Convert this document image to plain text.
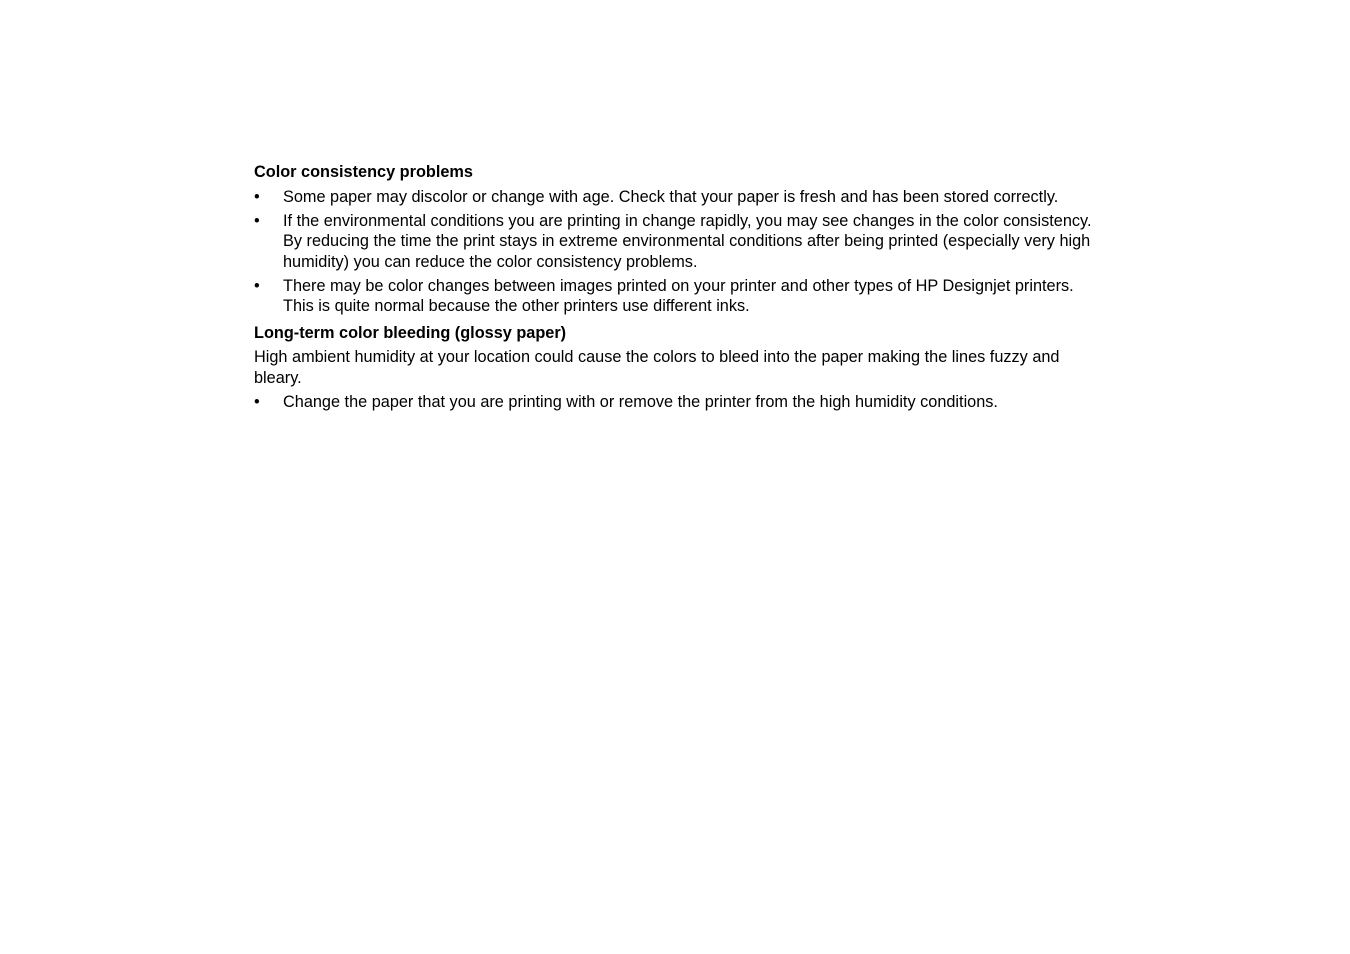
Color consistency problems
•	Some paper may discolor or change with age. Check that your paper is fresh and has been stored correctly.
•	If the environmental conditions you are printing in change rapidly, you may see changes in the color consistency. By reducing the time the print stays in extreme environmental conditions after being printed (especially very high humidity) you can reduce the color consistency problems.
•	There may be color changes between images printed on your printer and other types of HP Designjet printers. This is quite normal because the other printers use different inks.
Long-term color bleeding (glossy paper)
High ambient humidity at your location could cause the colors to bleed into the paper making the lines fuzzy and bleary.
•	Change the paper that you are printing with or remove the printer from the high humidity conditions.
